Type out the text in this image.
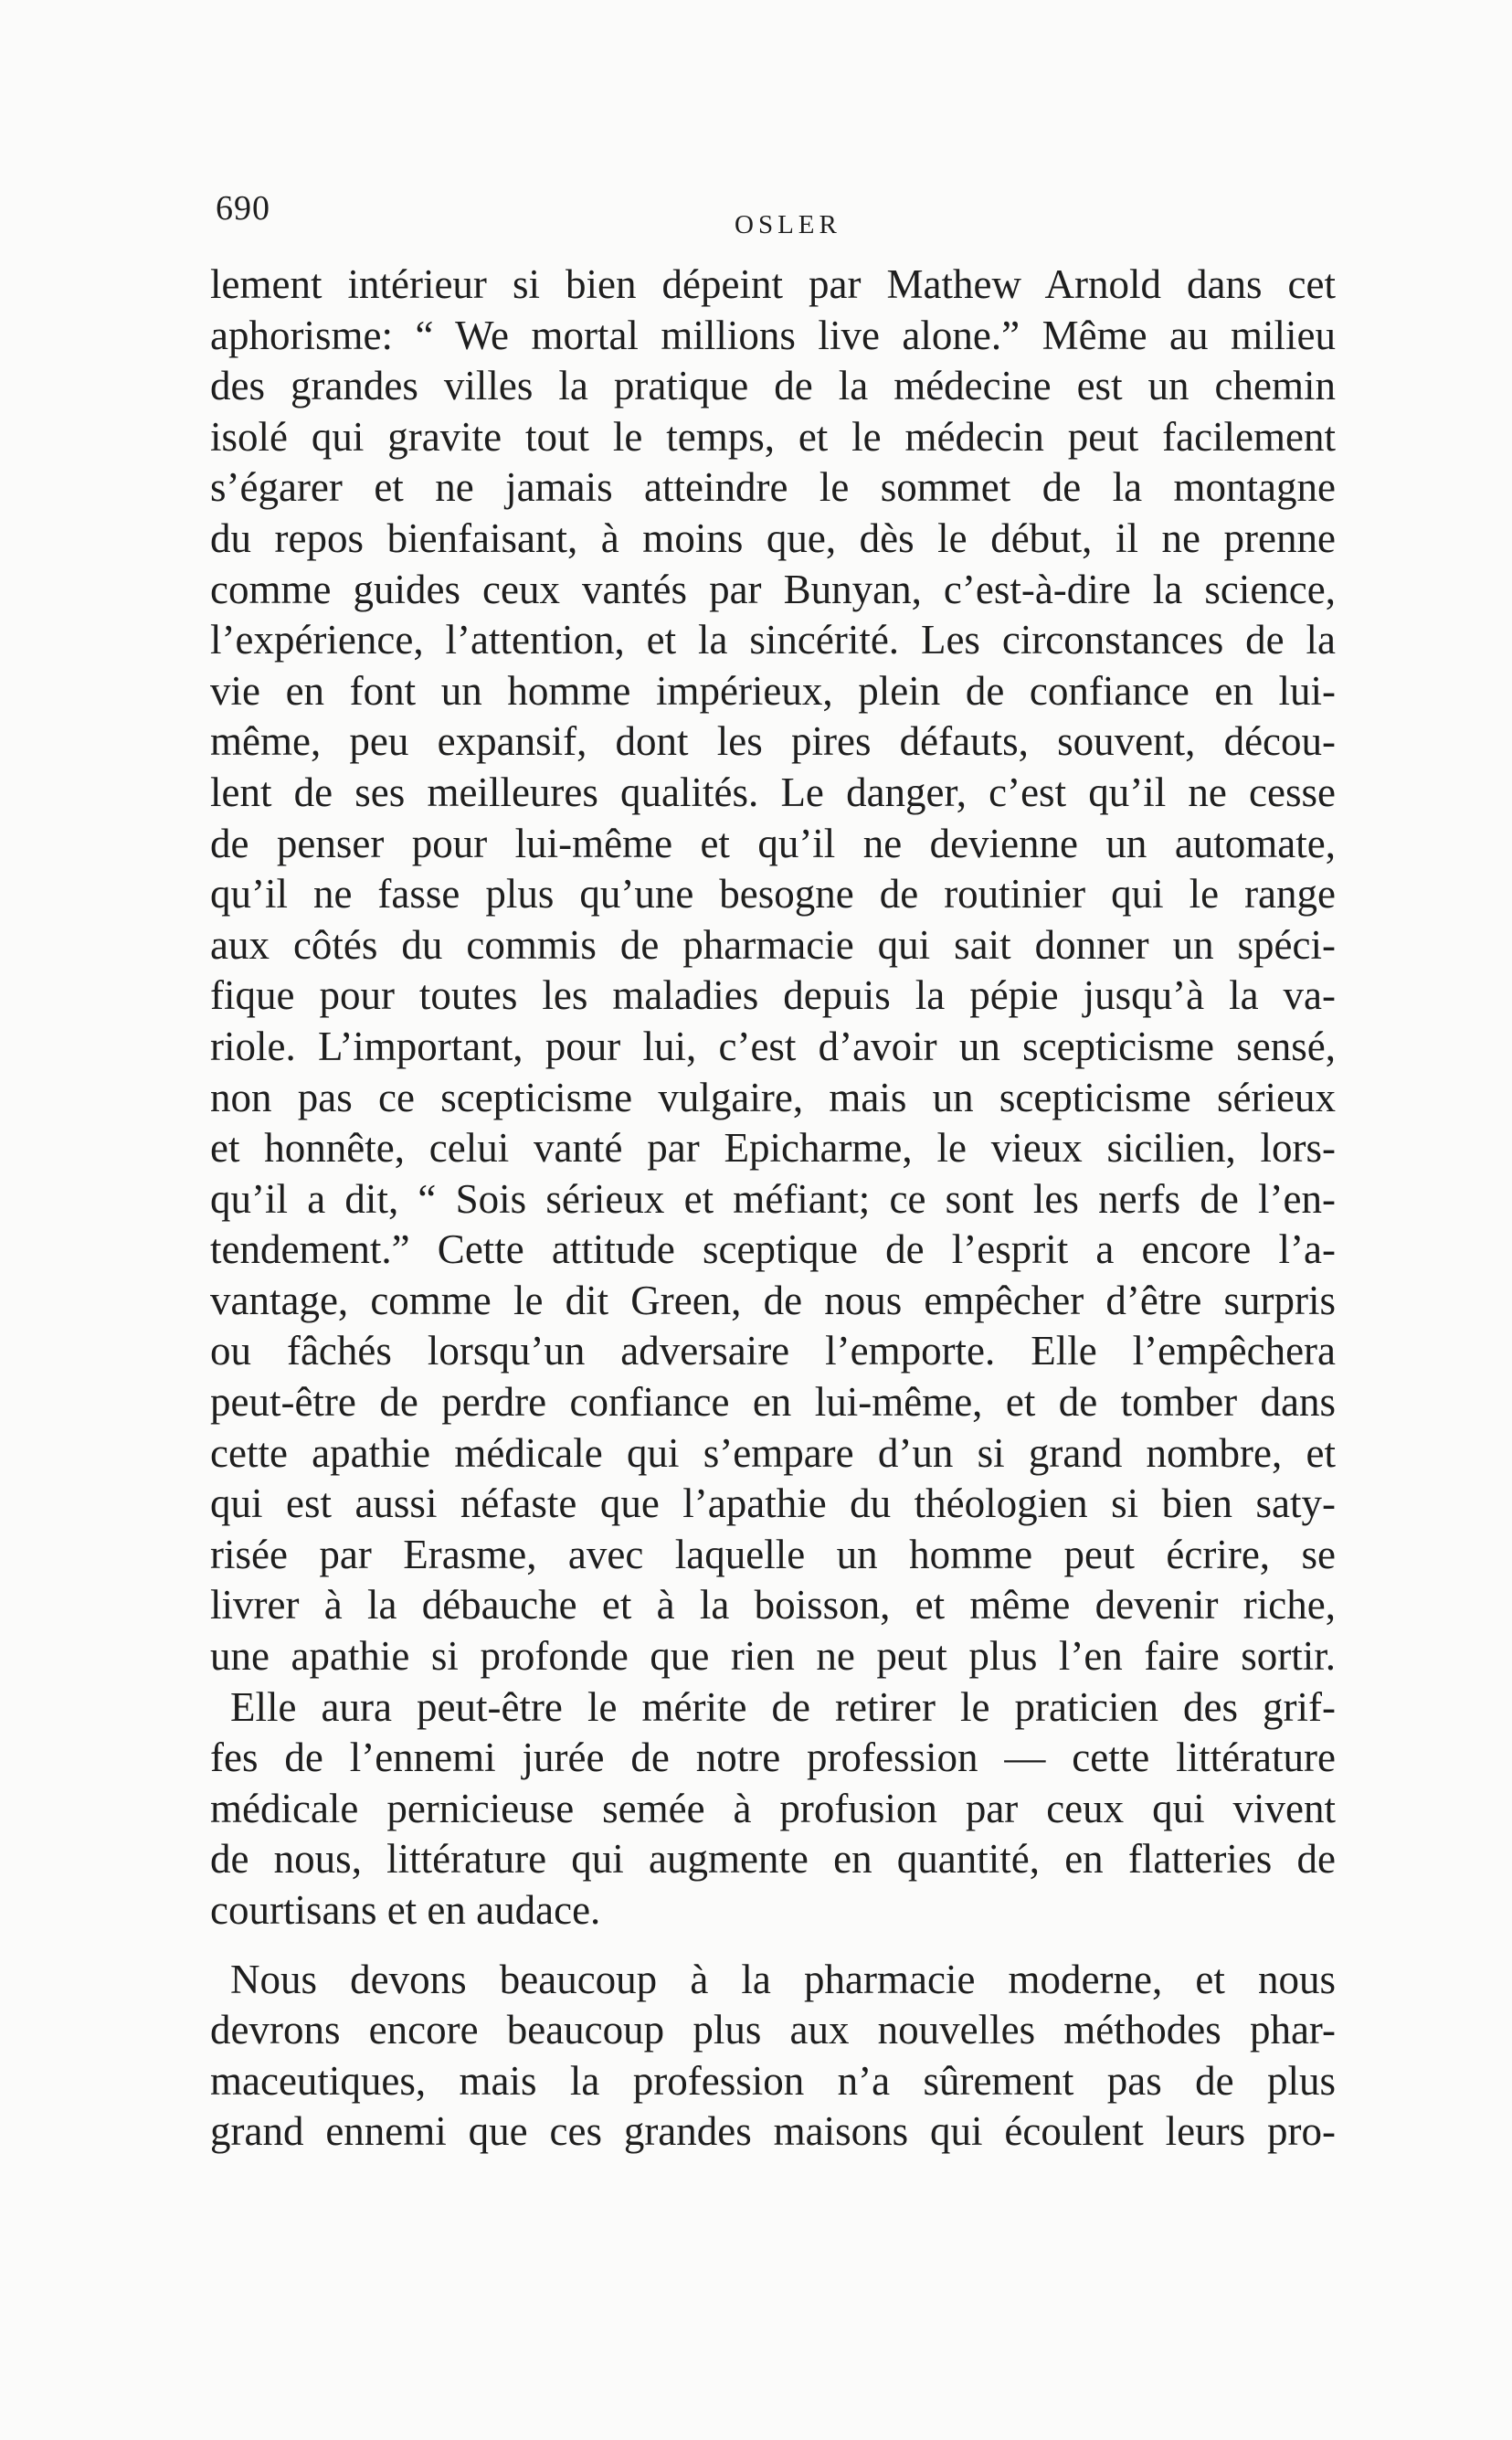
690	OSLER

lement intérieur si bien dépeint par Mathew Arnold dans cet
aphorisme: “ We mortal millions live alone.” Même au milieu
des grandes villes la pratique de la médecine est un chemin
isolé qui gravite tout le temps, et le médecin peut facilement
s’égarer et ne jamais atteindre le sommet de la montagne
du repos bienfaisant, à moins que, dès le début, il ne prenne
comme guides ceux vantés par Bunyan, c’est-à-dire la science,
l’expérience, l’attention, et la sincérité. Les circonstances de la
vie en font un homme impérieux, plein de confiance en lui-
même, peu expansif, dont les pires défauts, souvent, décou-
lent de ses meilleures qualités. Le danger, c’est qu’il ne cesse
de penser pour lui-même et qu’il ne devienne un automate,
qu’il ne fasse plus qu’une besogne de routinier qui le range
aux côtés du commis de pharmacie qui sait donner un spéci-
fique pour toutes les maladies depuis la pépie jusqu’à la va-
riole. L’important, pour lui, c’est d’avoir un scepticisme sensé,
non pas ce scepticisme vulgaire, mais un scepticisme sérieux
et honnête, celui vanté par Epicharme, le vieux sicilien, lors-
qu’il a dit, “ Sois sérieux et méfiant; ce sont les nerfs de l’en-
tendement.” Cette attitude sceptique de l’esprit a encore l’a-
vantage, comme le dit Green, de nous empêcher d’être surpris
ou fâchés lorsqu’un adversaire l’emporte. Elle l’empêchera
peut-être de perdre confiance en lui-même, et de tomber dans
cette apathie médicale qui s’empare d’un si grand nombre, et
qui est aussi néfaste que l’apathie du théologien si bien saty-
risée par Erasme, avec laquelle un homme peut écrire, se
livrer à la débauche et à la boisson, et même devenir riche,
une apathie si profonde que rien ne peut plus l’en faire sortir.

Elle aura peut-être le mérite de retirer le praticien des grif-
fes de l’ennemi jurée de notre profession — cette littérature
médicale pernicieuse semée à profusion par ceux qui vivent
de nous, littérature qui augmente en quantité, en flatteries de
courtisans et en audace.

Nous devons beaucoup à la pharmacie moderne, et nous
devrons encore beaucoup plus aux nouvelles méthodes phar-
maceutiques, mais la profession n’a sûrement pas de plus
grand ennemi que ces grandes maisons qui écoulent leurs pro-
